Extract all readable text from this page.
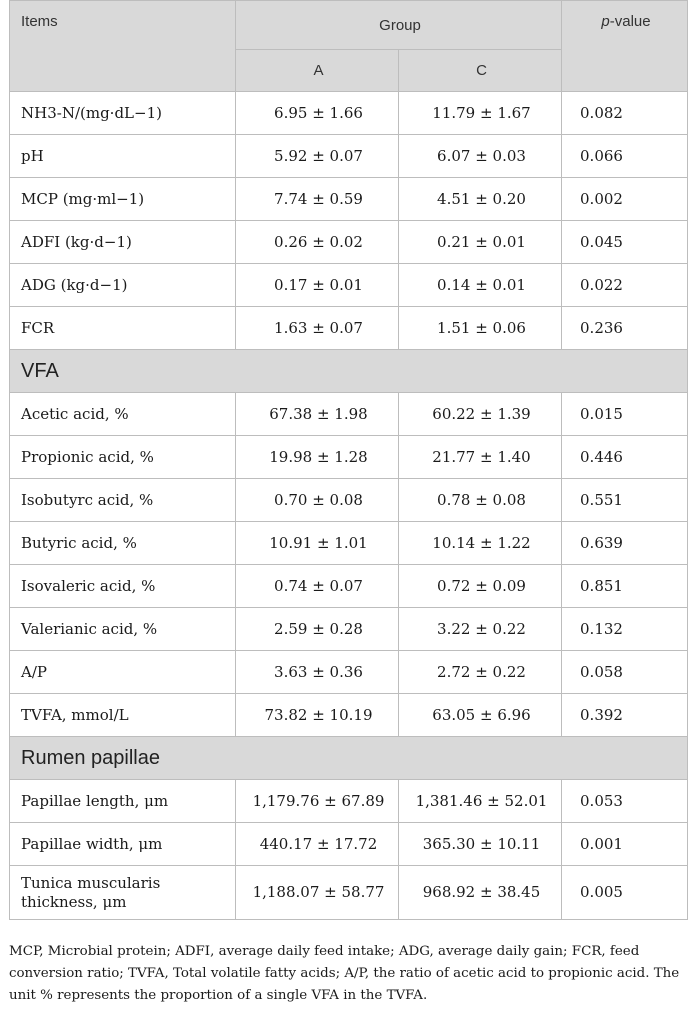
Items	Group		p-value
	A	C	
NH3-N/(mg·dL−1)	6.95 ± 1.66	11.79 ± 1.67	0.082
pH	5.92 ± 0.07	6.07 ± 0.03	0.066
MCP (mg·ml−1)	7.74 ± 0.59	4.51 ± 0.20	0.002
ADFI (kg·d−1)	0.26 ± 0.02	0.21 ± 0.01	0.045
ADG (kg·d−1)	0.17 ± 0.01	0.14 ± 0.01	0.022
FCR	1.63 ± 0.07	1.51 ± 0.06	0.236
VFA			
Acetic acid, %	67.38 ± 1.98	60.22 ± 1.39	0.015
Propionic acid, %	19.98 ± 1.28	21.77 ± 1.40	0.446
Isobutyrc acid, %	0.70 ± 0.08	0.78 ± 0.08	0.551
Butyric acid, %	10.91 ± 1.01	10.14 ± 1.22	0.639
Isovaleric acid, %	0.74 ± 0.07	0.72 ± 0.09	0.851
Valerianic acid, %	2.59 ± 0.28	3.22 ± 0.22	0.132
A/P	3.63 ± 0.36	2.72 ± 0.22	0.058
TVFA, mmol/L	73.82 ± 10.19	63.05 ± 6.96	0.392
Rumen papillae			
Papillae length, μm	1,179.76 ± 67.89	1,381.46 ± 52.01	0.053
Papillae width, μm	440.17 ± 17.72	365.30 ± 10.11	0.001
Tunica muscularis
thickness, μm	1,188.07 ± 58.77	968.92 ± 38.45	0.005

MCP, Microbial protein; ADFI, average daily feed intake; ADG, average daily gain; FCR, feed conversion ratio; TVFA, Total volatile fatty acids; A/P, the ratio of acetic acid to propionic acid. The unit % represents the proportion of a single VFA in the TVFA.
